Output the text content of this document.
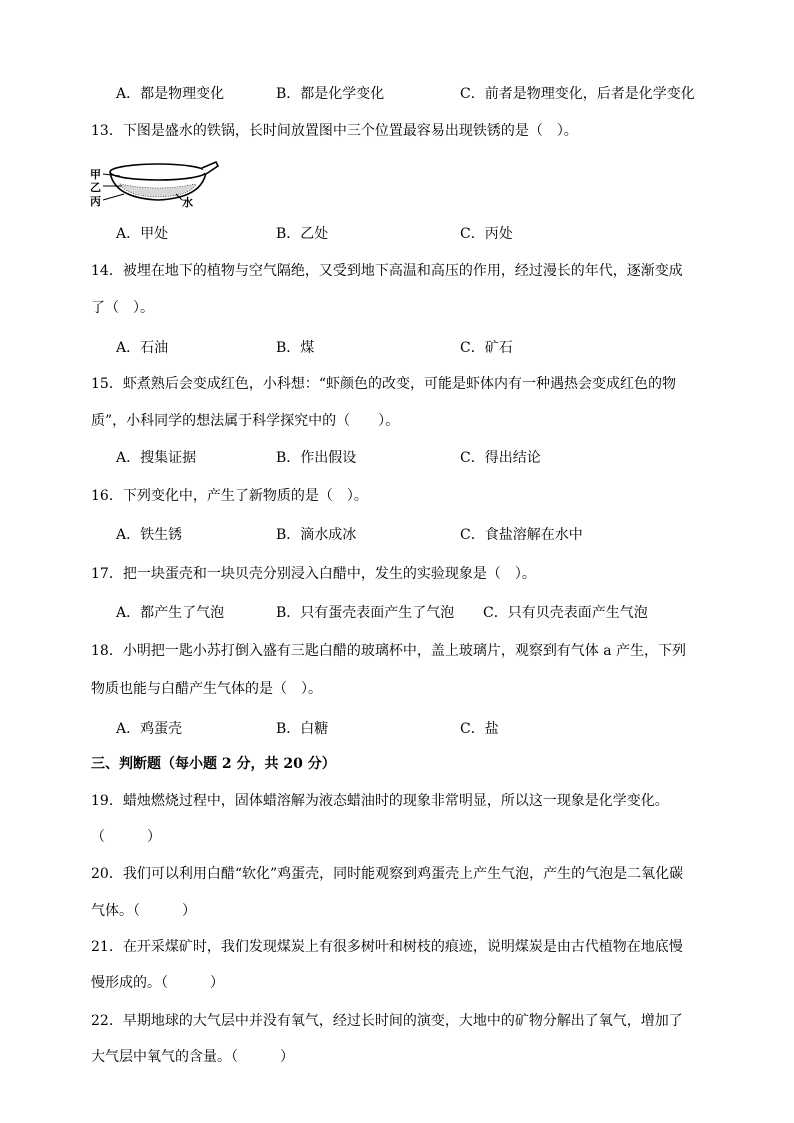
A．都是物理变化	B．都是化学变化	C．前者是物理变化，后者是化学变化
13．下图是盛水的铁锅，长时间放置图中三个位置最容易出现铁锈的是（　）。
甲
乙
丙	水
A．甲处	B．乙处	C．丙处
14．被埋在地下的植物与空气隔绝，又受到地下高温和高压的作用，经过漫长的年代，逐渐变成
了（　）。
A．石油	B．煤	C．矿石
15．虾煮熟后会变成红色，小科想：“虾颜色的改变，可能是虾体内有一种遇热会变成红色的物
质”，小科同学的想法属于科学探究中的（　　）。
A．搜集证据	B．作出假设	C．得出结论
16．下列变化中，产生了新物质的是（　）。
A．铁生锈	B．滴水成冰	C．食盐溶解在水中
17．把一块蛋壳和一块贝壳分别浸入白醋中，发生的实验现象是（　）。
A．都产生了气泡	B．只有蛋壳表面产生了气泡 C．只有贝壳表面产生气泡
18．小明把一匙小苏打倒入盛有三匙白醋的玻璃杯中，盖上玻璃片，观察到有气体 a 产生，下列
物质也能与白醋产生气体的是（　）。
A．鸡蛋壳	B．白糖	C．盐
三、判断题（每小题 2 分，共 20 分）
19．蜡烛燃烧过程中，固体蜡溶解为液态蜡油时的现象非常明显，所以这一现象是化学变化。
（　　　）
20．我们可以利用白醋“软化”鸡蛋壳，同时能观察到鸡蛋壳上产生气泡，产生的气泡是二氧化碳
气体。（　　　）
21．在开采煤矿时，我们发现煤炭上有很多树叶和树枝的痕迹，说明煤炭是由古代植物在地底慢
慢形成的。（　　　）
22．早期地球的大气层中并没有氧气，经过长时间的演变，大地中的矿物分解出了氧气，增加了
大气层中氧气的含量。（　　　）
